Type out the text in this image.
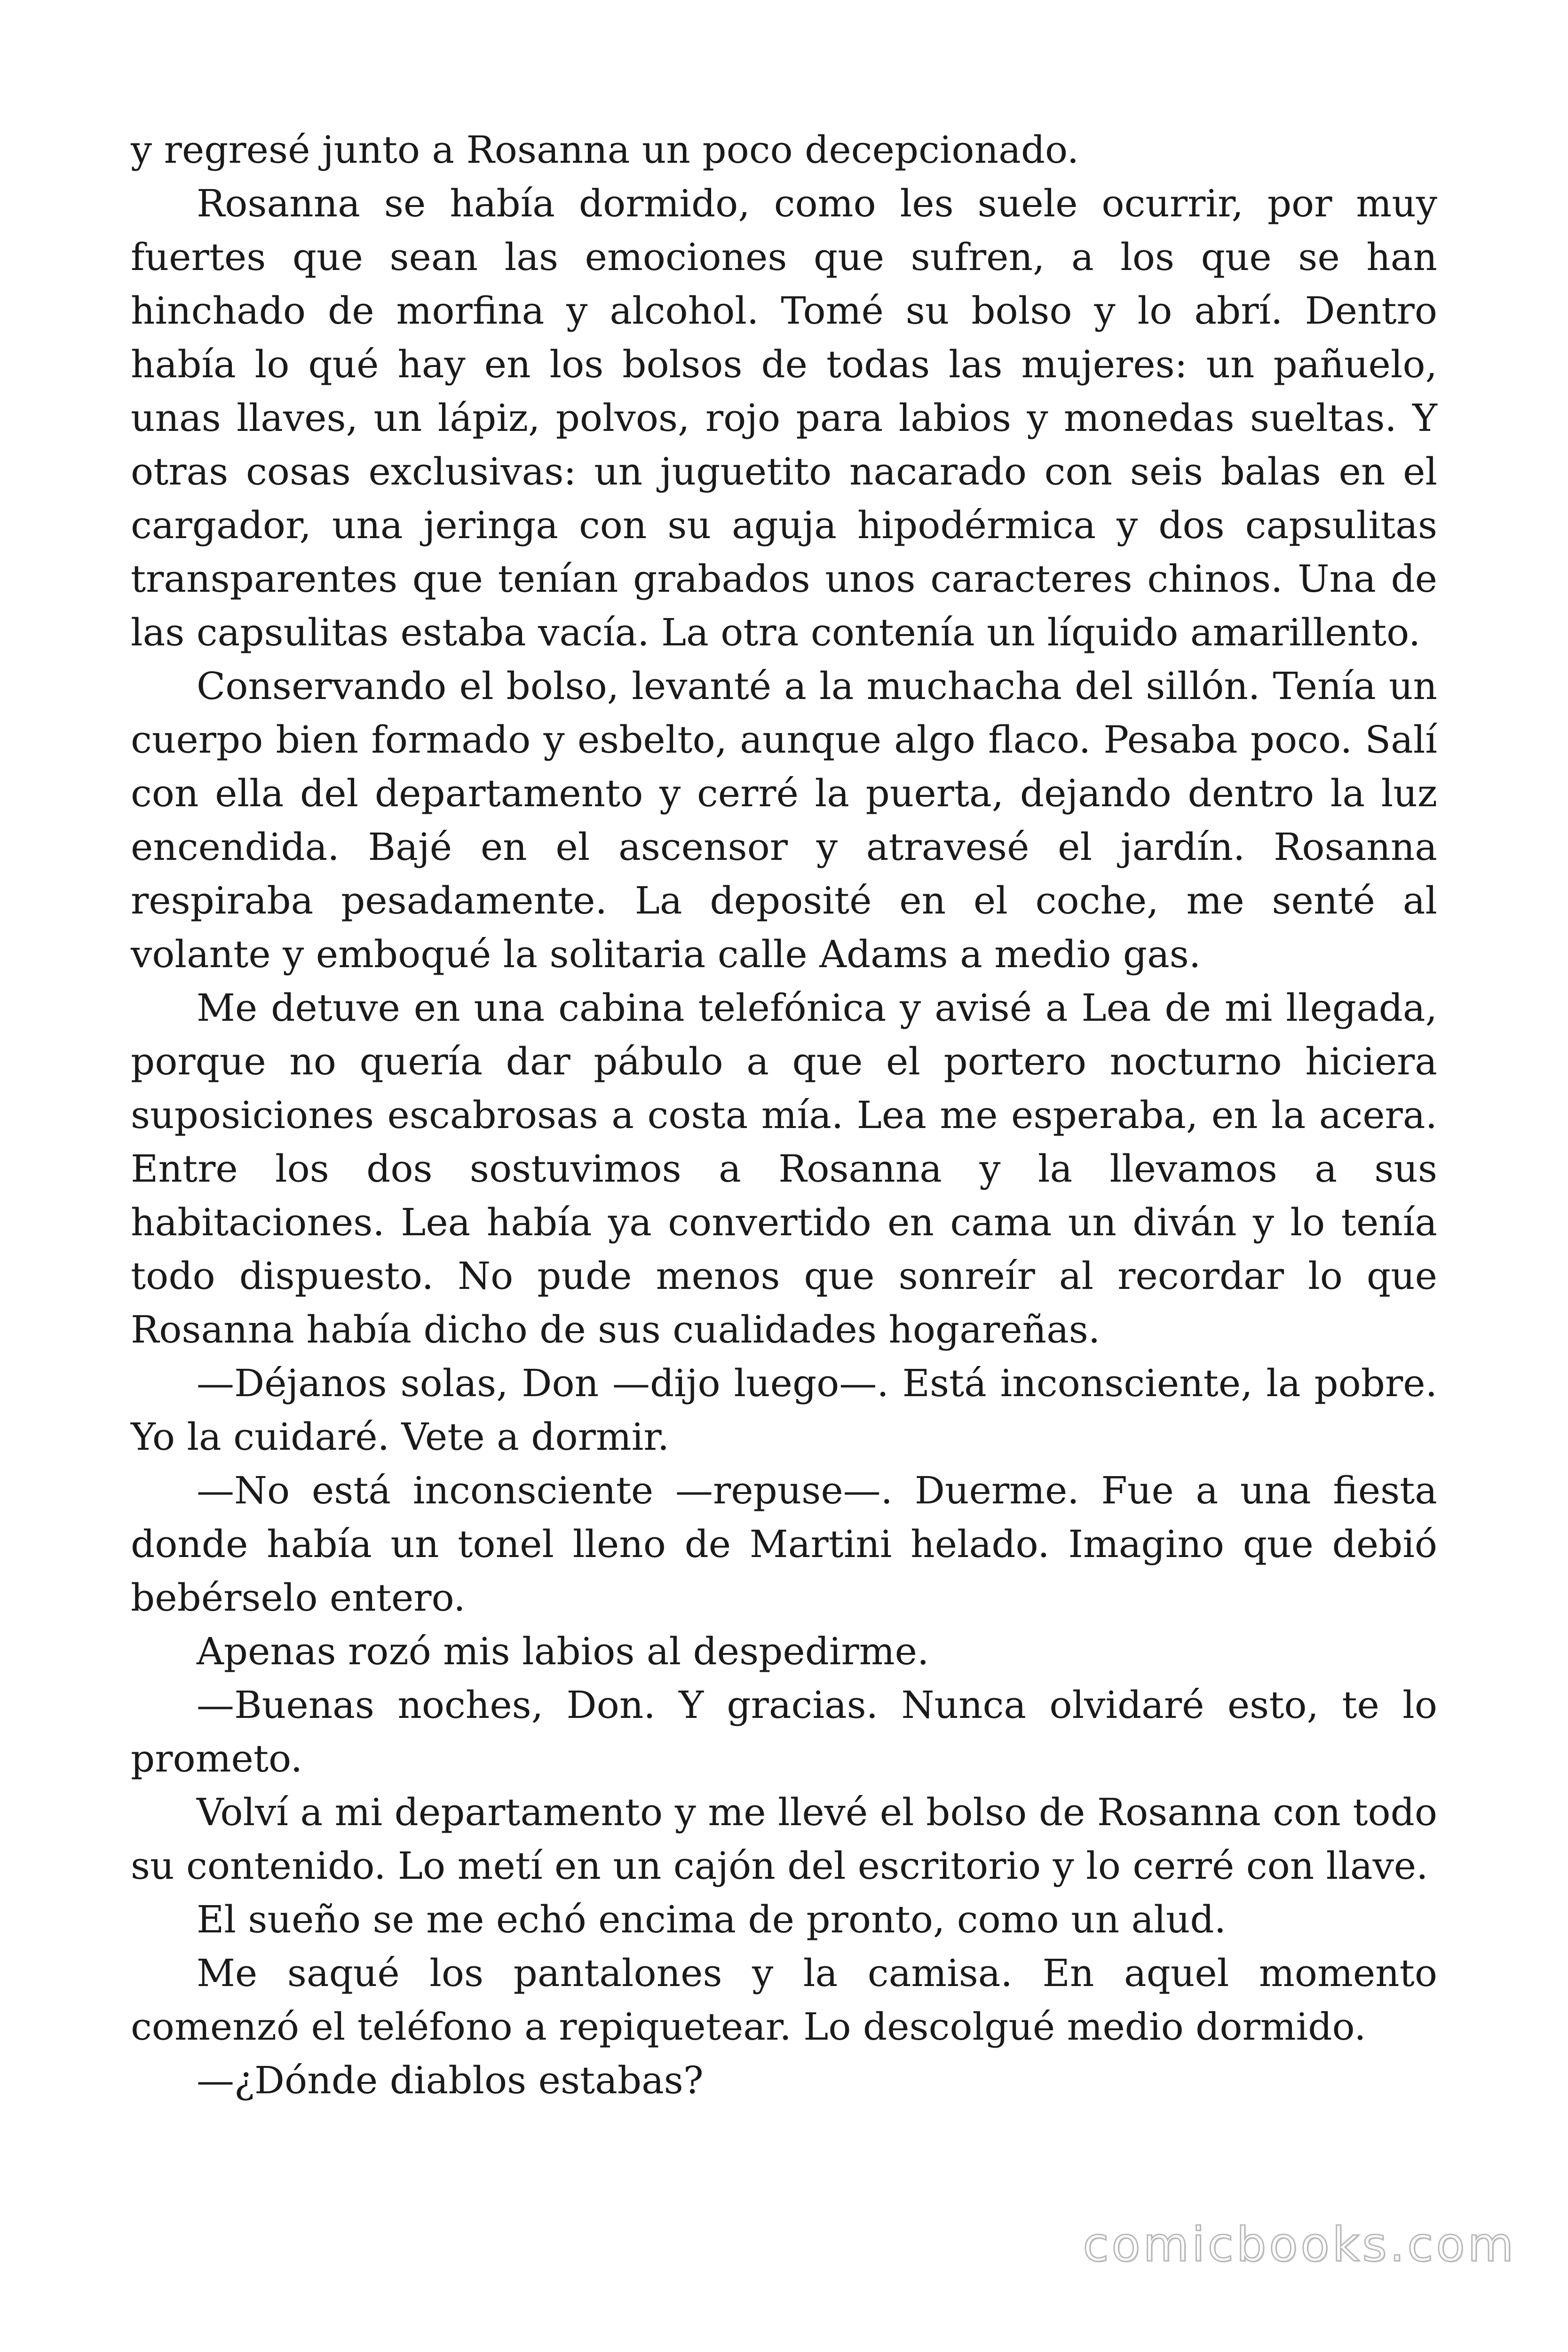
y regresé junto a Rosanna un poco decepcionado.

Rosanna se había dormido, como les suele ocurrir, por muy fuertes que sean las emociones que sufren, a los que se han hinchado de morfina y alcohol. Tomé su bolso y lo abrí. Dentro había lo qué hay en los bolsos de todas las mujeres: un pañuelo, unas llaves, un lápiz, polvos, rojo para labios y monedas sueltas. Y otras cosas exclusivas: un juguetito nacarado con seis balas en el cargador, una jeringa con su aguja hipodérmica y dos capsulitas transparentes que tenían grabados unos caracteres chinos. Una de las capsulitas estaba vacía. La otra contenía un líquido amarillento.

Conservando el bolso, levanté a la muchacha del sillón. Tenía un cuerpo bien formado y esbelto, aunque algo flaco. Pesaba poco. Salí con ella del departamento y cerré la puerta, dejando dentro la luz encendida. Bajé en el ascensor y atravesé el jardín. Rosanna respiraba pesadamente. La deposité en el coche, me senté al volante y emboqué la solitaria calle Adams a medio gas.

Me detuve en una cabina telefónica y avisé a Lea de mi llegada, porque no quería dar pábulo a que el portero nocturno hiciera suposiciones escabrosas a costa mía. Lea me esperaba, en la acera. Entre los dos sostuvimos a Rosanna y la llevamos a sus habitaciones. Lea había ya convertido en cama un diván y lo tenía todo dispuesto. No pude menos que sonreír al recordar lo que Rosanna había dicho de sus cualidades hogareñas.

—Déjanos solas, Don —dijo luego—. Está inconsciente, la pobre. Yo la cuidaré. Vete a dormir.

—No está inconsciente —repuse—. Duerme. Fue a una fiesta donde había un tonel lleno de Martini helado. Imagino que debió bebérselo entero.

Apenas rozó mis labios al despedirme.

—Buenas noches, Don. Y gracias. Nunca olvidaré esto, te lo prometo.

Volví a mi departamento y me llevé el bolso de Rosanna con todo su contenido. Lo metí en un cajón del escritorio y lo cerré con llave.

El sueño se me echó encima de pronto, como un alud.

Me saqué los pantalones y la camisa. En aquel momento comenzó el teléfono a repiquetear. Lo descolgué medio dormido.

—¿Dónde diablos estabas?

comicbooks.com
